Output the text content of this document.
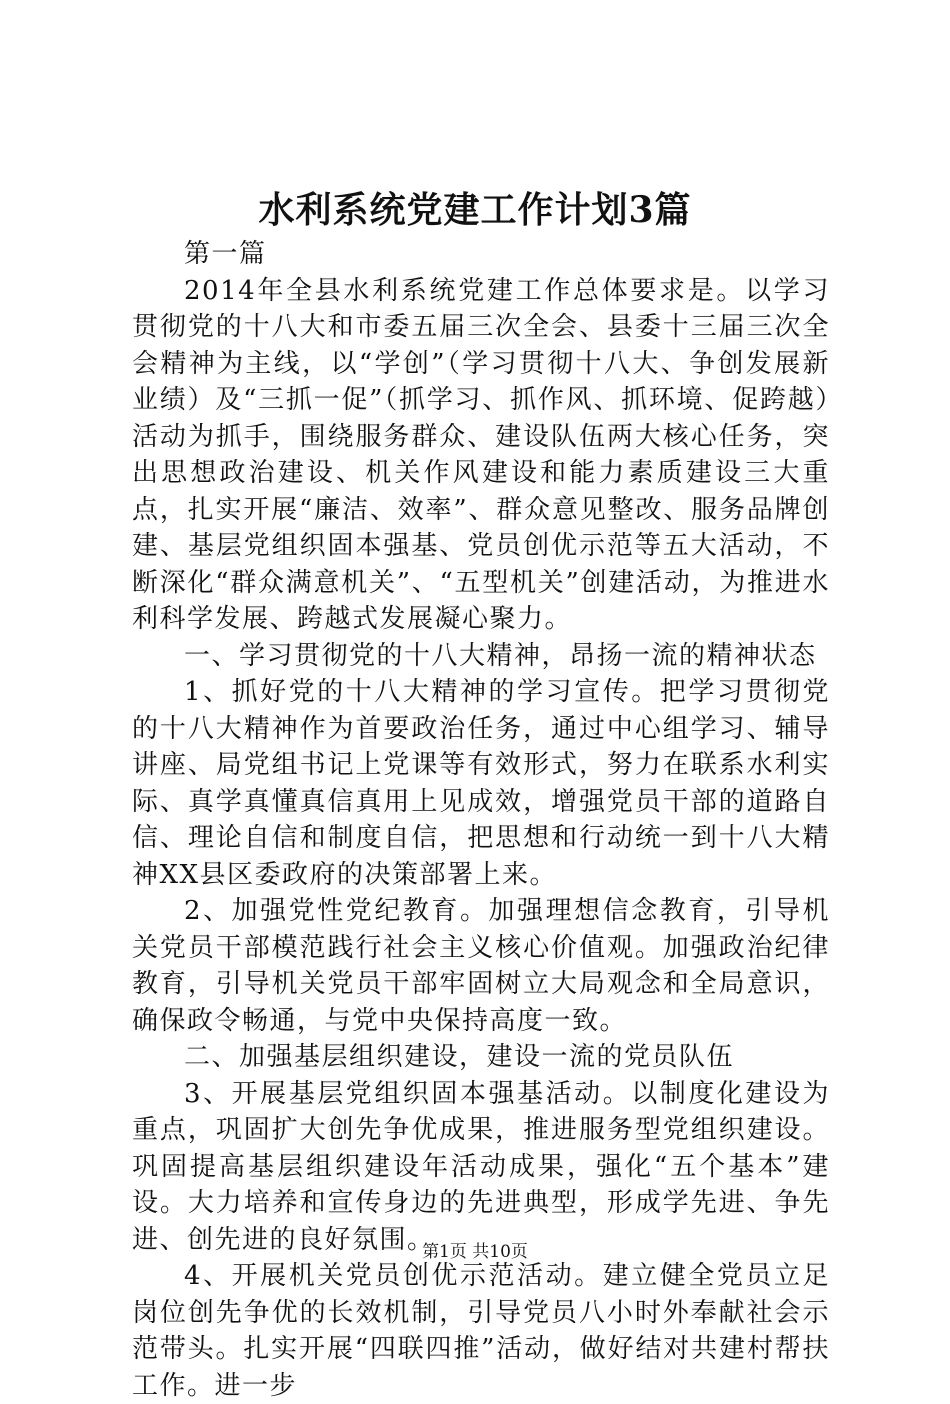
水利系统党建工作计划3篇

第一篇

2014年全县水利系统党建工作总体要求是。以学习贯彻党的十八大和市委五届三次全会、县委十三届三次全会精神为主线，以“学创”（学习贯彻十八大、争创发展新业绩）及“三抓一促”（抓学习、抓作风、抓环境、促跨越）活动为抓手，围绕服务群众、建设队伍两大核心任务，突出思想政治建设、机关作风建设和能力素质建设三大重点，扎实开展“廉洁、效率”、群众意见整改、服务品牌创建、基层党组织固本强基、党员创优示范等五大活动，不断深化“群众满意机关”、“五型机关”创建活动，为推进水利科学发展、跨越式发展凝心聚力。

一、学习贯彻党的十八大精神，昂扬一流的精神状态

1、抓好党的十八大精神的学习宣传。把学习贯彻党的十八大精神作为首要政治任务，通过中心组学习、辅导讲座、局党组书记上党课等有效形式，努力在联系水利实际、真学真懂真信真用上见成效，增强党员干部的道路自信、理论自信和制度自信，把思想和行动统一到十八大精神XX县区委政府的决策部署上来。

2、加强党性党纪教育。加强理想信念教育，引导机关党员干部模范践行社会主义核心价值观。加强政治纪律教育，引导机关党员干部牢固树立大局观念和全局意识，确保政令畅通，与党中央保持高度一致。

二、加强基层组织建设，建设一流的党员队伍

3、开展基层党组织固本强基活动。以制度化建设为重点，巩固扩大创先争优成果，推进服务型党组织建设。巩固提高基层组织建设年活动成果，强化“五个基本”建设。大力培养和宣传身边的先进典型，形成学先进、争先进、创先进的良好氛围。

4、开展机关党员创优示范活动。建立健全党员立足岗位创先争优的长效机制，引导党员八小时外奉献社会示范带头。扎实开展“四联四推”活动，做好结对共建村帮扶工作。进一步

第1页 共10页
